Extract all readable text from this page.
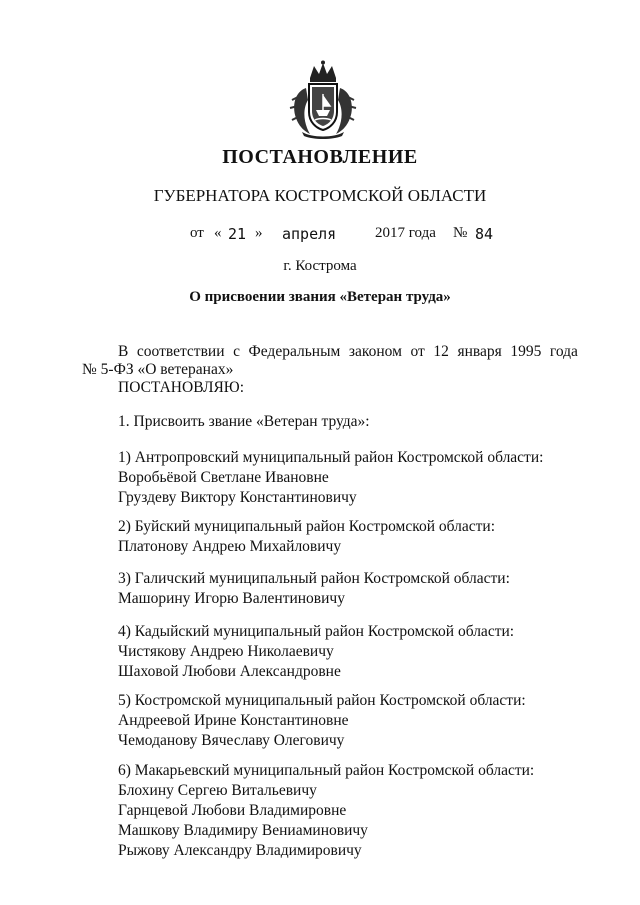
ПОСТАНОВЛЕНИЕ
ГУБЕРНАТОРА КОСТРОМСКОЙ ОБЛАСТИ
от « 21 » апреля	2017 года № 84
г. Кострома
О присвоении звания «Ветеран труда»
В соответствии с Федеральным законом от 12 января 1995 года
№ 5-ФЗ «О ветеранах»
ПОСТАНОВЛЯЮ:
1. Присвоить звание «Ветеран труда»:
1) Антропровский муниципальный район Костромской области:
Воробьёвой Светлане Ивановне
Груздеву Виктору Константиновичу
2) Буйский муниципальный район Костромской области:
Платонову Андрею Михайловичу
3) Галичский муниципальный район Костромской области:
Машорину Игорю Валентиновичу
4) Кадыйский муниципальный район Костромской области:
Чистякову Андрею Николаевичу
Шаховой Любови Александровне
5) Костромской муниципальный район Костромской области:
Андреевой Ирине Константиновне
Чемоданову Вячеславу Олеговичу
6) Макарьевский муниципальный район Костромской области:
Блохину Сергею Витальевичу
Гарнцевой Любови Владимировне
Машкову Владимиру Вениаминовичу
Рыжову Александру Владимировичу
